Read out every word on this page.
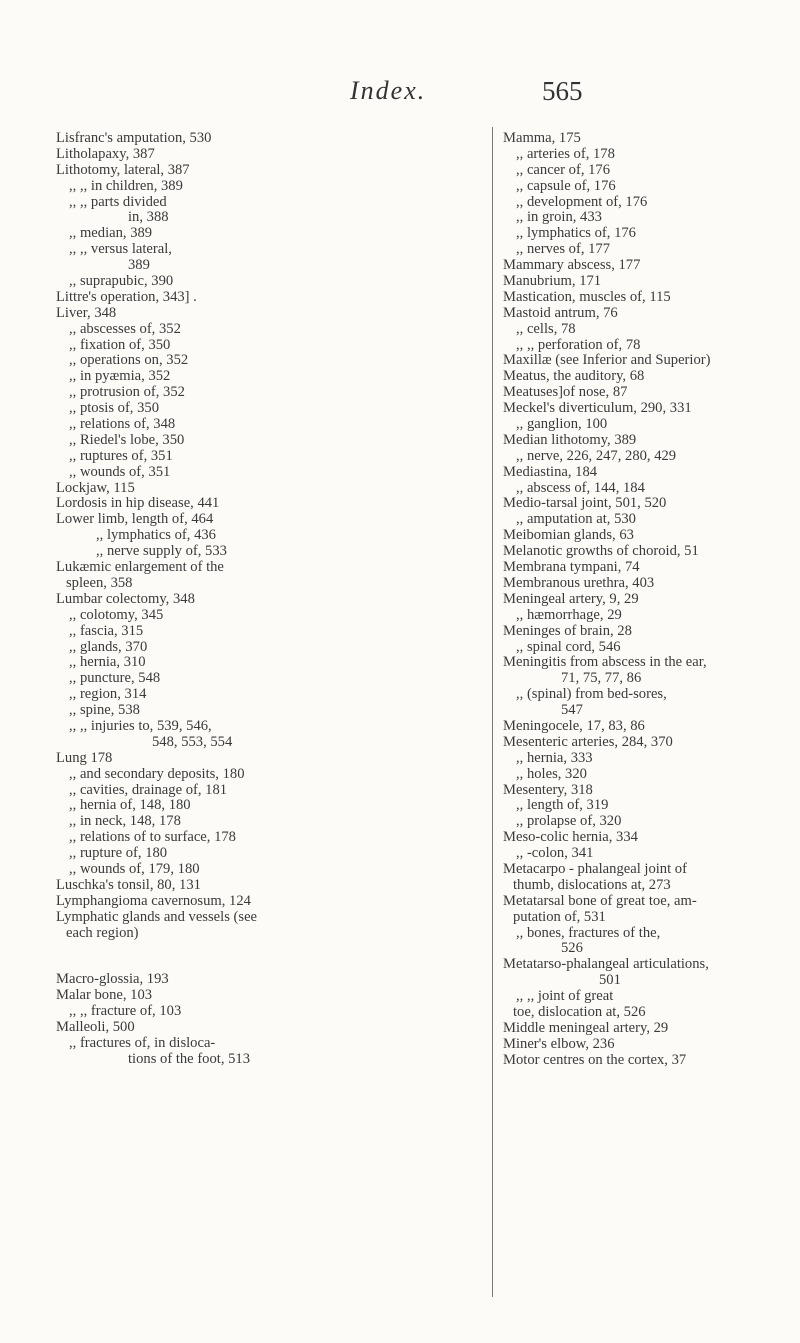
Index.	565
Lisfranc's amputation, 530
Litholapaxy, 387
Lithotomy, lateral, 387
,, ,, in children, 389
,, ,, parts divided
in, 388
,, median, 389
,, ,, versus lateral,
389
,, suprapubic, 390
Littre's operation, 343] .
Liver, 348
,, abscesses of, 352
,, fixation of, 350
,, operations on, 352
,, in pyæmia, 352
,, protrusion of, 352
,, ptosis of, 350
,, relations of, 348
,, Riedel's lobe, 350
,, ruptures of, 351
,, wounds of, 351
Lockjaw, 115
Lordosis in hip disease, 441
Lower limb, length of, 464
,, lymphatics of, 436
,, nerve supply of, 533
Lukæmic enlargement of the
spleen, 358
Lumbar colectomy, 348
,, colotomy, 345
,, fascia, 315
,, glands, 370
,, hernia, 310
,, puncture, 548
,, region, 314
,, spine, 538
,, ,, injuries to, 539, 546,
548, 553, 554
Lung 178
,, and secondary deposits, 180
,, cavities, drainage of, 181
,, hernia of, 148, 180
,, in neck, 148, 178
,, relations of to surface, 178
,, rupture of, 180
,, wounds of, 179, 180
Luschka's tonsil, 80, 131
Lymphangioma cavernosum, 124
Lymphatic glands and vessels (see
each region)
Macro-glossia, 193
Malar bone, 103
,, ,, fracture of, 103
Malleoli, 500
,, fractures of, in disloca-
tions of the foot, 513
Mamma, 175
,, arteries of, 178
,, cancer of, 176
,, capsule of, 176
,, development of, 176
,, in groin, 433
,, lymphatics of, 176
,, nerves of, 177
Mammary abscess, 177
Manubrium, 171
Mastication, muscles of, 115
Mastoid antrum, 76
,, cells, 78
,, ,, perforation of, 78
Maxillæ (see Inferior and Superior)
Meatus, the auditory, 68
Meatuses]of nose, 87
Meckel's diverticulum, 290, 331
,, ganglion, 100
Median lithotomy, 389
,, nerve, 226, 247, 280, 429
Mediastina, 184
,, abscess of, 144, 184
Medio-tarsal joint, 501, 520
,, amputation at, 530
Meibomian glands, 63
Melanotic growths of choroid, 51
Membrana tympani, 74
Membranous urethra, 403
Meningeal artery, 9, 29
,, hæmorrhage, 29
Meninges of brain, 28
,, spinal cord, 546
Meningitis from abscess in the ear,
71, 75, 77, 86
,, (spinal) from bed-sores,
547
Meningocele, 17, 83, 86
Mesenteric arteries, 284, 370
,, hernia, 333
,, holes, 320
Mesentery, 318
,, length of, 319
,, prolapse of, 320
Meso-colic hernia, 334
,, -colon, 341
Metacarpo - phalangeal joint of
thumb, dislocations at, 273
Metatarsal bone of great toe, am-
putation of, 531
,, bones, fractures of the,
526
Metatarso-phalangeal articulations,
501
,, ,, joint of great
toe, dislocation at, 526
Middle meningeal artery, 29
Miner's elbow, 236
Motor centres on the cortex, 37
